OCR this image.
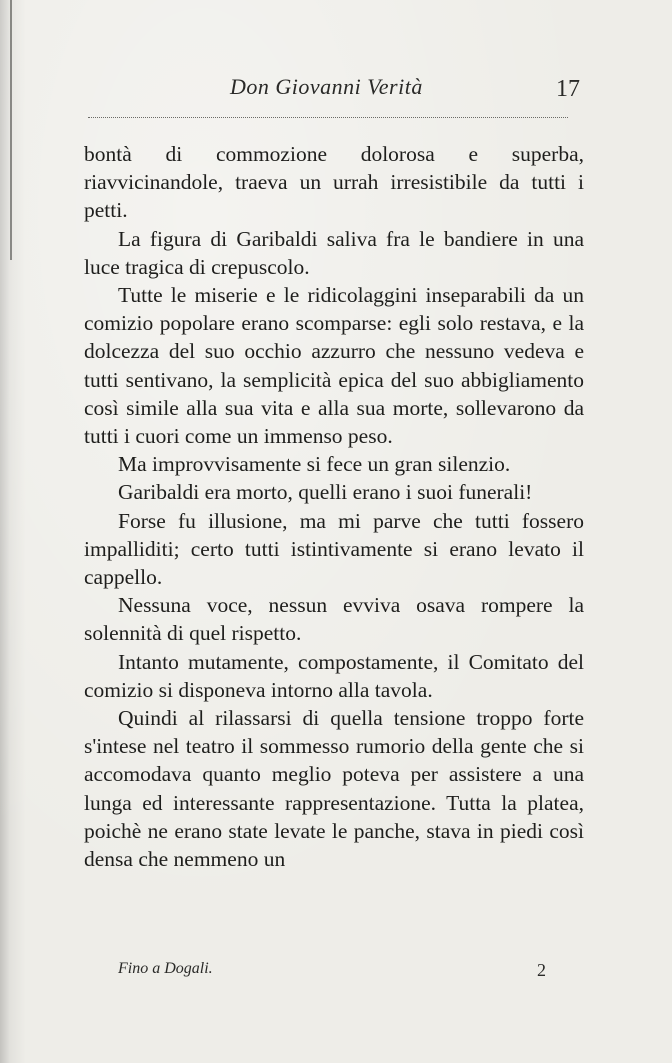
Don Giovanni Verità	17

bontà di commozione dolorosa e superba, riavvicinandole, traeva un urrah irresistibile da tutti i petti.

La figura di Garibaldi saliva fra le bandiere in una luce tragica di crepuscolo.

Tutte le miserie e le ridicolaggini inseparabili da un comizio popolare erano scomparse: egli solo restava, e la dolcezza del suo occhio azzurro che nessuno vedeva e tutti sentivano, la semplicità epica del suo abbigliamento così simile alla sua vita e alla sua morte, sollevarono da tutti i cuori come un immenso peso.

Ma improvvisamente si fece un gran silenzio.

Garibaldi era morto, quelli erano i suoi funerali!

Forse fu illusione, ma mi parve che tutti fossero impalliditi; certo tutti istintivamente si erano levato il cappello.

Nessuna voce, nessun evviva osava rompere la solennità di quel rispetto.

Intanto mutamente, compostamente, il Comitato del comizio si disponeva intorno alla tavola.

Quindi al rilassarsi di quella tensione troppo forte s'intese nel teatro il sommesso rumorio della gente che si accomodava quanto meglio poteva per assistere a una lunga ed interessante rappresentazione. Tutta la platea, poichè ne erano state levate le panche, stava in piedi così densa che nemmeno un

Fino a Dogali.	2
